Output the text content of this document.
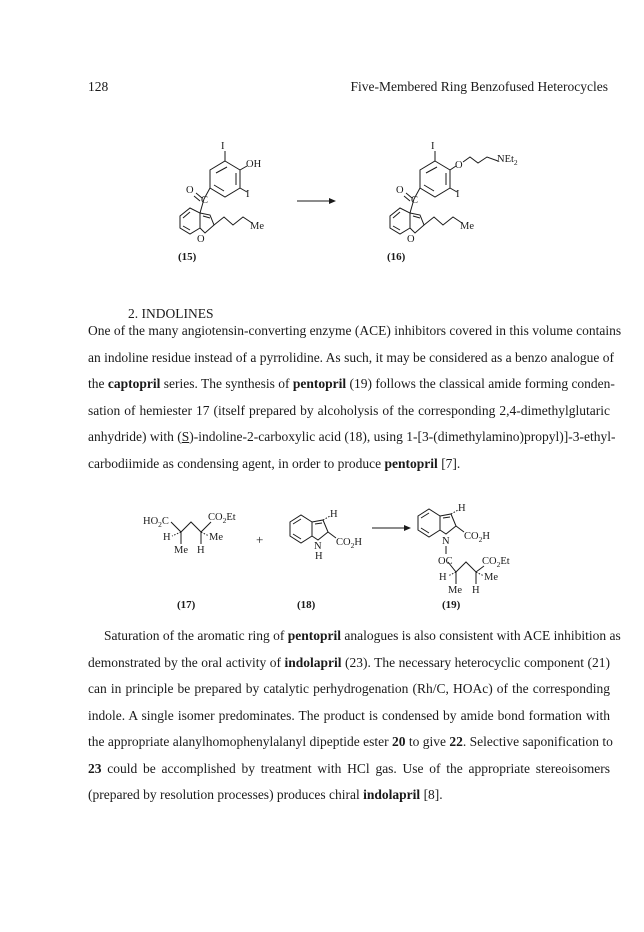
128	Five-Membered Ring Benzofused Heterocycles
I
OH
I
O
C
O
Me
(15)
I
O
NEt$_2$
I
O
C
O
Me
(16)
2. INDOLINES
One of the many angiotensin-converting enzyme (ACE) inhibitors covered in this volume contains
an indoline residue instead of a pyrrolidine. As such, it may be considered as a benzo analogue of
the captopril series. The synthesis of pentopril (19) follows the classical amide forming conden-
sation of hemiester 17 (itself prepared by alcoholysis of the corresponding 2,4-dimethylglutaric
anhydride) with (S)-indoline-2-carboxylic acid (18), using 1-[3-(dimethylamino)propyl)]-3-ethyl-
carbodiimide as condensing agent, in order to produce pentopril [7].
$HO_2C$	$CO_2Et$
H	Me
Me H
(17)
+
H
N
H
$CO_2H$
(18)
H
N $CO_2H$
OC	$CO_2Et$
H	Me
Me H
(19)
Saturation of the aromatic ring of pentopril analogues is also consistent with ACE inhibition as
demonstrated by the oral activity of indolapril (23). The necessary heterocyclic component (21)
can in principle be prepared by catalytic perhydrogenation (Rh/C, HOAc) of the corresponding
indole. A single isomer predominates. The product is condensed by amide bond formation with
the appropriate alanylhomophenylalanyl dipeptide ester 20 to give 22. Selective saponification to
23 could be accomplished by treatment with HCl gas. Use of the appropriate stereoisomers
(prepared by resolution processes) produces chiral indolapril [8].
